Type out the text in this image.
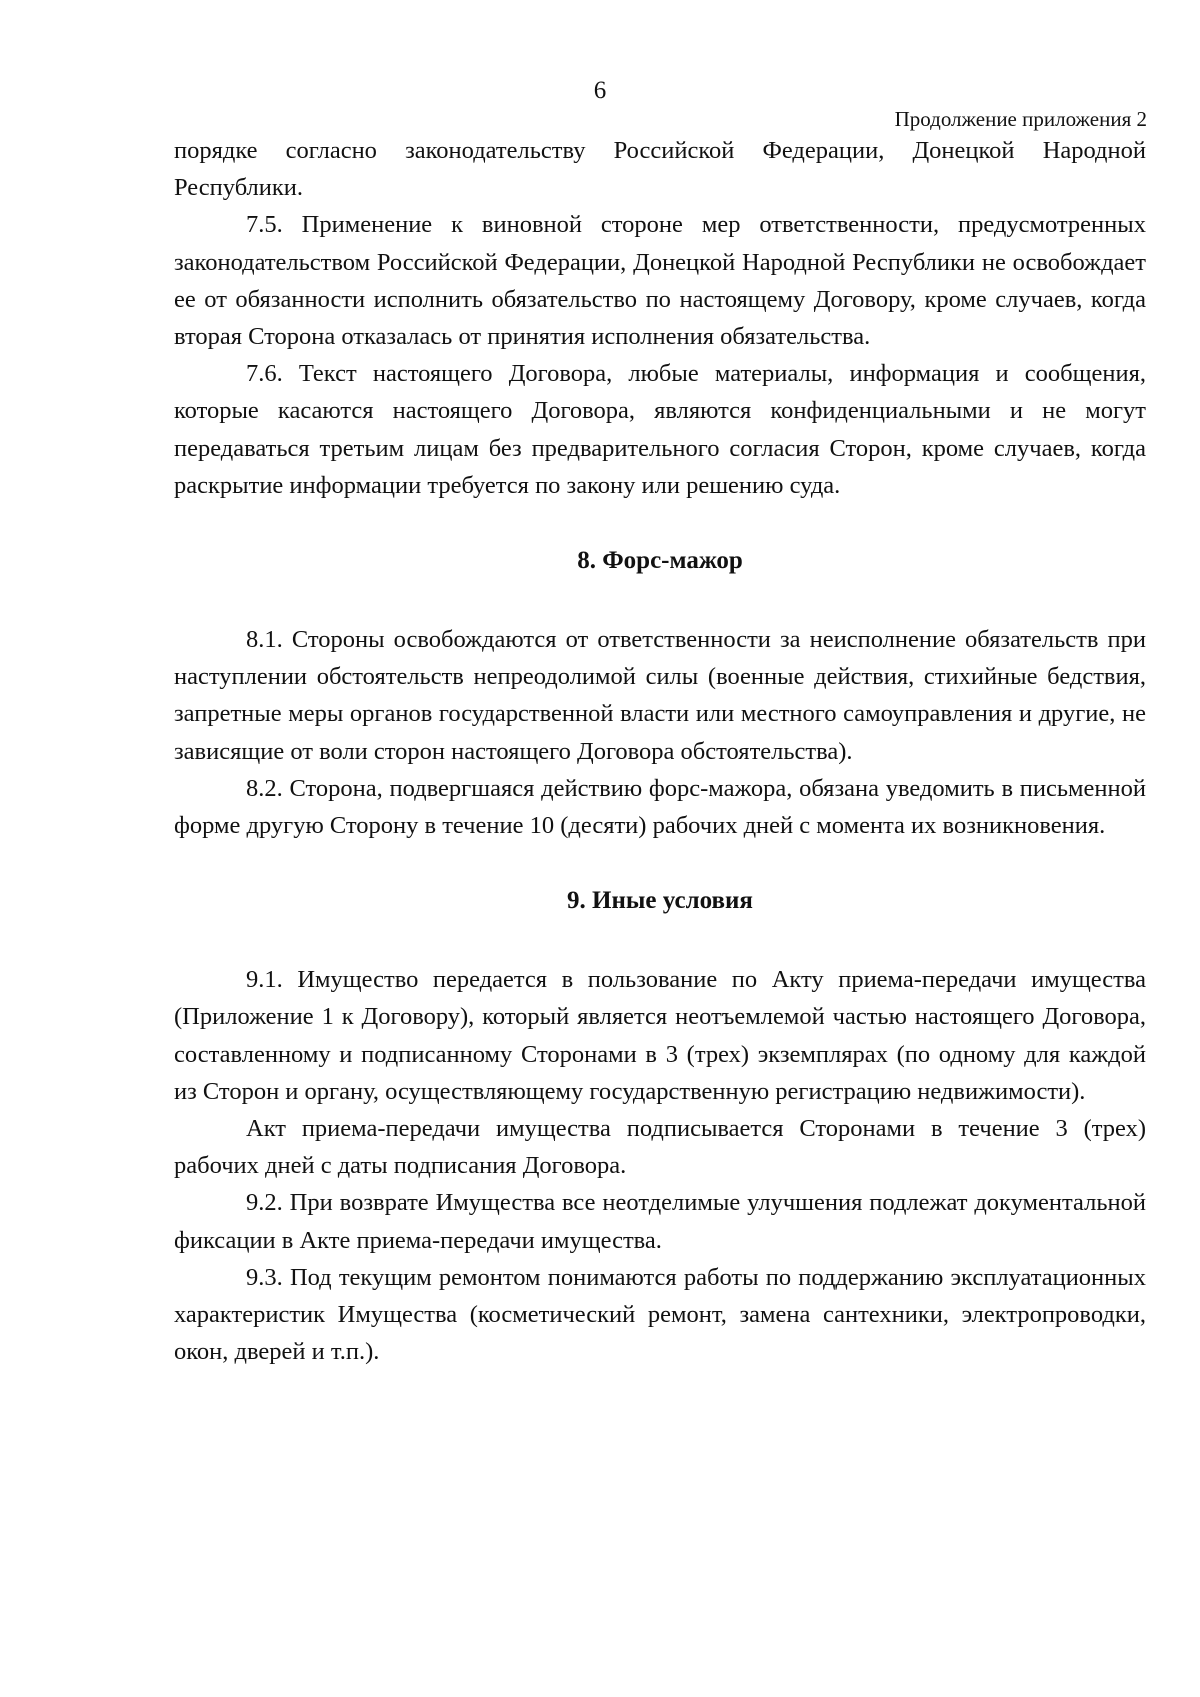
6
Продолжение приложения 2

порядке согласно законодательству Российской Федерации, Донецкой Народной Республики.

7.5. Применение к виновной стороне мер ответственности, предусмотренных законодательством Российской Федерации, Донецкой Народной Республики не освобождает ее от обязанности исполнить обязательство по настоящему Договору, кроме случаев, когда вторая Сторона отказалась от принятия исполнения обязательства.

7.6. Текст настоящего Договора, любые материалы, информация и сообщения, которые касаются настоящего Договора, являются конфиденциальными и не могут передаваться третьим лицам без предварительного согласия Сторон, кроме случаев, когда раскрытие информации требуется по закону или решению суда.

8. Форс-мажор

8.1. Стороны освобождаются от ответственности за неисполнение обязательств при наступлении обстоятельств непреодолимой силы (военные действия, стихийные бедствия, запретные меры органов государственной власти или местного самоуправления и другие, не зависящие от воли сторон настоящего Договора обстоятельства).

8.2. Сторона, подвергшаяся действию форс-мажора, обязана уведомить в письменной форме другую Сторону в течение 10 (десяти) рабочих дней с момента их возникновения.

9. Иные условия

9.1. Имущество передается в пользование по Акту приема-передачи имущества (Приложение 1 к Договору), который является неотъемлемой частью настоящего Договора, составленному и подписанному Сторонами в 3 (трех) экземплярах (по одному для каждой из Сторон и органу, осуществляющему государственную регистрацию недвижимости).

Акт приема-передачи имущества подписывается Сторонами в течение 3 (трех) рабочих дней с даты подписания Договора.

9.2. При возврате Имущества все неотделимые улучшения подлежат документальной фиксации в Акте приема-передачи имущества.

9.3. Под текущим ремонтом понимаются работы по поддержанию эксплуатационных характеристик Имущества (косметический ремонт, замена сантехники, электропроводки, окон, дверей и т.п.).
